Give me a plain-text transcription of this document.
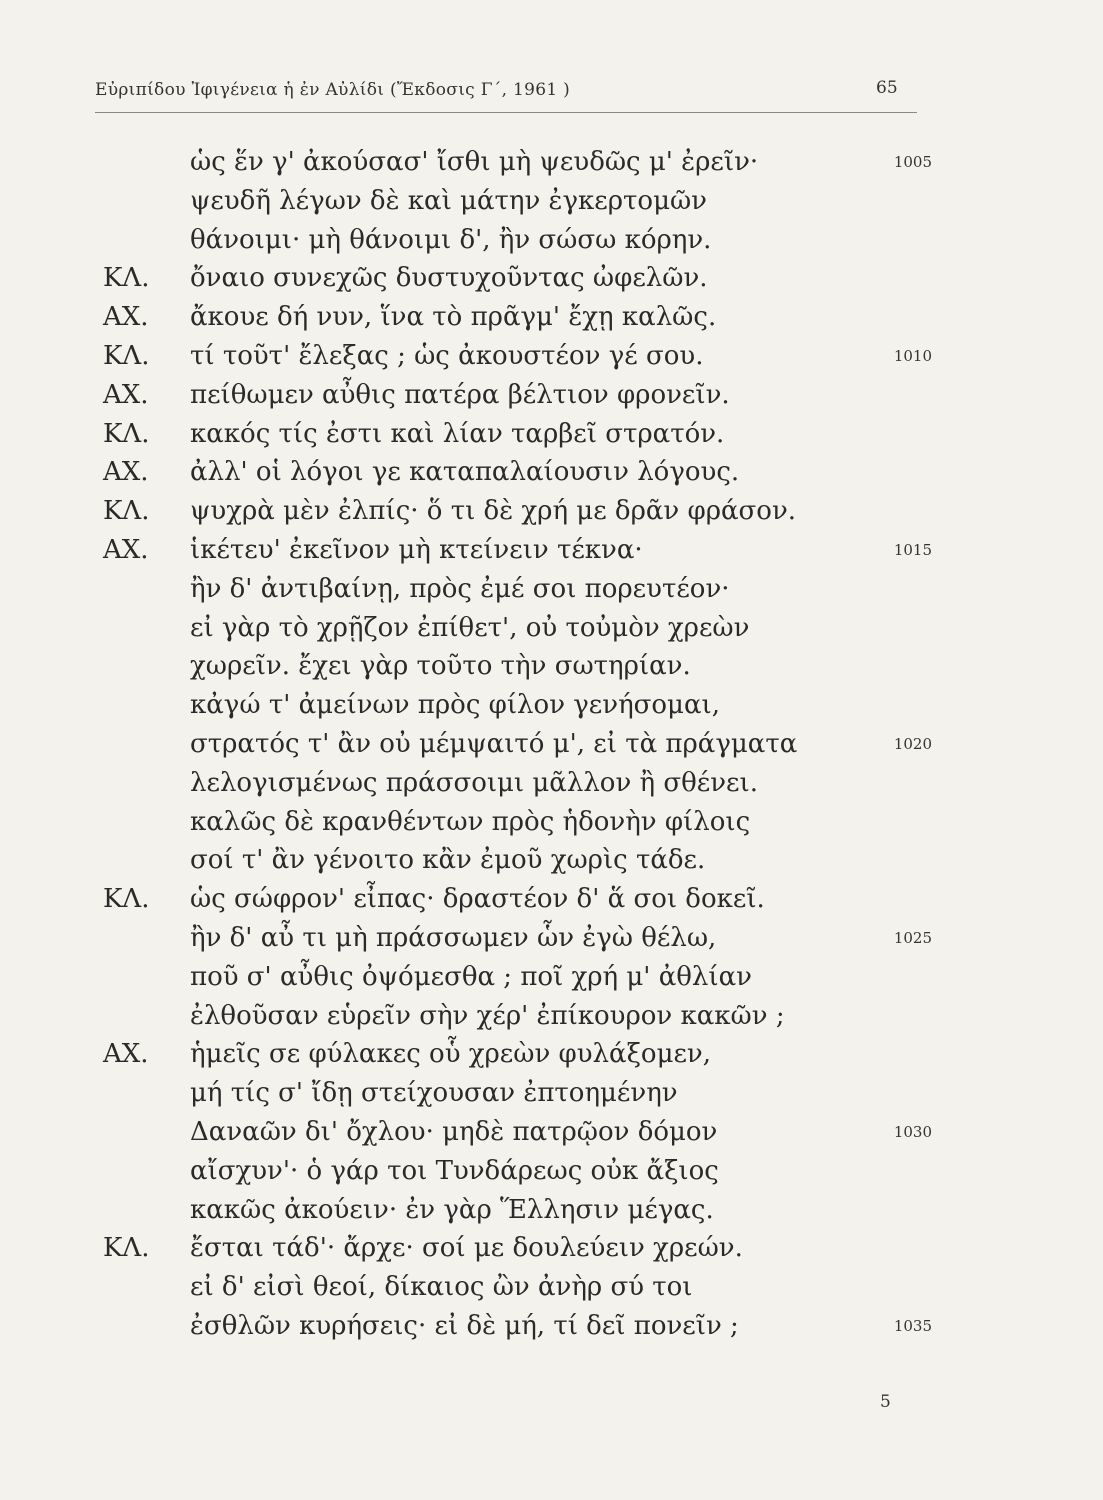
Εὐριπίδου Ἰφιγένεια ἡ ἐν Αὐλίδι (Ἔκδοσις Γ΄, 1961 )	65
ὡς ἕν γ' ἀκούσασ' ἴσθι μὴ ψευδῶς μ' ἐρεῖν·	1005
ψευδῆ λέγων δὲ καὶ μάτην ἐγκερτομῶν
θάνοιμι· μὴ θάνοιμι δ', ἢν σώσω κόρην.
ΚΛ. ὄναιο συνεχῶς δυστυχοῦντας ὠφελῶν.
ΑΧ. ἄκουε δή νυν, ἵνα τὸ πρᾶγμ' ἔχῃ καλῶς.
ΚΛ. τί τοῦτ' ἔλεξας ; ὡς ἀκουστέον γέ σου.	1010
ΑΧ. πείθωμεν αὖθις πατέρα βέλτιον φρονεῖν.
ΚΛ. κακός τίς ἐστι καὶ λίαν ταρβεῖ στρατόν.
ΑΧ. ἀλλ' οἱ λόγοι γε καταπαλαίουσιν λόγους.
ΚΛ. ψυχρὰ μὲν ἐλπίς· ὅ τι δὲ χρή με δρᾶν φράσον.
ΑΧ. ἱκέτευ' ἐκεῖνον μὴ κτείνειν τέκνα·	1015
ἢν δ' ἀντιβαίνῃ, πρὸς ἐμέ σοι πορευτέον·
εἰ γὰρ τὸ χρῇζον ἐπίθετ', οὐ τοὐμὸν χρεὼν
χωρεῖν. ἔχει γὰρ τοῦτο τὴν σωτηρίαν.
κἀγώ τ' ἀμείνων πρὸς φίλον γενήσομαι,
στρατός τ' ἂν οὐ μέμψαιτό μ', εἰ τὰ πράγματα	1020
λελογισμένως πράσσοιμι μᾶλλον ἢ σθένει.
καλῶς δὲ κρανθέντων πρὸς ἡδονὴν φίλοις
σοί τ' ἂν γένοιτο κἂν ἐμοῦ χωρὶς τάδε.
ΚΛ. ὡς σώφρον' εἶπας· δραστέον δ' ἅ σοι δοκεῖ.
ἢν δ' αὖ τι μὴ πράσσωμεν ὧν ἐγὼ θέλω,	1025
ποῦ σ' αὖθις ὀψόμεσθα ; ποῖ χρή μ' ἀθλίαν
ἐλθοῦσαν εὑρεῖν σὴν χέρ' ἐπίκουρον κακῶν ;
ΑΧ. ἡμεῖς σε φύλακες οὗ χρεὼν φυλάξομεν,
μή τίς σ' ἴδῃ στείχουσαν ἐπτοημένην
Δαναῶν δι' ὄχλου· μηδὲ πατρῷον δόμον	1030
αἴσχυν'· ὁ γάρ τοι Τυνδάρεως οὐκ ἄξιος
κακῶς ἀκούειν· ἐν γὰρ Ἕλλησιν μέγας.
ΚΛ. ἔσται τάδ'· ἄρχε· σοί με δουλεύειν χρεών.
εἰ δ' εἰσὶ θεοί, δίκαιος ὢν ἀνὴρ σύ τοι
ἐσθλῶν κυρήσεις· εἰ δὲ μή, τί δεῖ πονεῖν ;	1035
5
